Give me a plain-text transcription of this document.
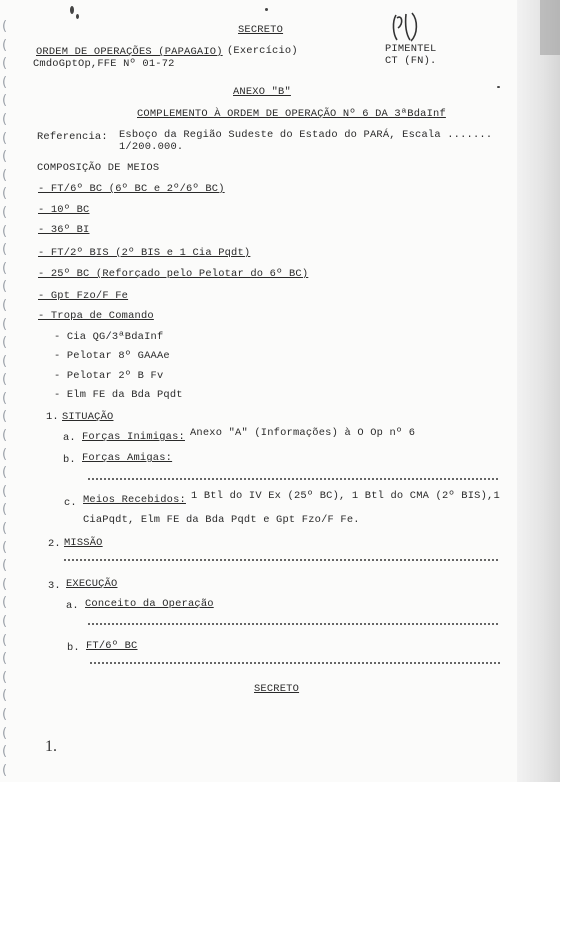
(
(
(
(
(
(
(
(
(
(
(
(
(
(
(
(
(
(
(
(
(
(
(
(
(
(
(
(
(
(
(
(
(
(
(
(
(
(
(
(
(
SECRETO
ORDEM DE OPERAÇÕES (PAPAGAIO) (Exercício)
CmdoGptOp,FFE Nº 01-72
PIMENTEL
CT (FN).
ANEXO "B"
COMPLEMENTO À ORDEM DE OPERAÇÃO Nº 6 DA 3ªBdaInf
Referencia: Esboço da Região Sudeste do Estado do PARÁ, Escala .......
1/200.000.
COMPOSIÇÃO DE MEIOS
- FT/6º BC (6º BC e 2º/6º BC)
- 10º BC
- 36º BI
- FT/2º BIS (2º BIS e 1 Cia Pqdt)
- 25º BC (Reforçado pelo Pelotar do 6º BC)
- Gpt Fzo/F Fe
- Tropa de Comando
- Cia QG/3ªBdaInf
- Pelotar 8º GAAAe
- Pelotar 2º B Fv
- Elm FE da Bda Pqdt
1. SITUAÇÃO
a. Forças Inimigas: Anexo "A" (Informações) à O Op nº 6
b. Forças Amigas:
c. Meios Recebidos: 1 Btl do IV Ex (25º BC), 1 Btl do CMA (2º BIS),1
CiaPqdt, Elm FE da Bda Pqdt e Gpt Fzo/F Fe.
2. MISSÃO
3. EXECUÇÃO
a. Conceito da Operação
b. FT/6º BC
SECRETO
1.
